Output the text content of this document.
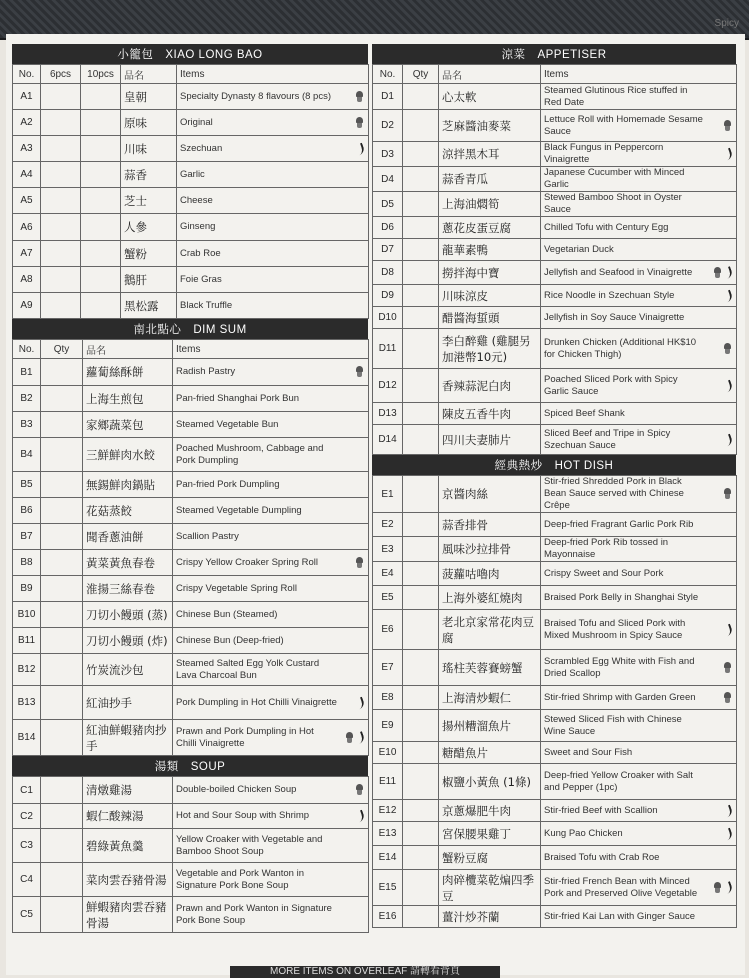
Spicy
小籠包 XIAO LONG BAO
No.	6pcs	10pcs	品名	Items
A1			皇朝	Specialty Dynasty 8 flavours (8 pcs)

A2			原味	Original

A3			川味	Szechuan

A4			蒜香	Garlic
A5			芝士	Cheese
A6			人參	Ginseng
A7			蟹粉	Crab Roe
A8			鵝肝	Foie Gras
A9			黑松露	Black Truffle
南北點心 DIM SUM
No.	Qty	品名	Items
B1		蘿蔔絲酥餅	Radish Pastry

B2		上海生煎包	Pan-fried Shanghai Pork Bun
B3		家鄉蔬菜包	Steamed Vegetable Bun
B4		三鮮鮮肉水餃	Poached Mushroom, Cabbage and Pork Dumpling
B5		無錫鮮肉鍋貼	Pan-fried Pork Dumpling
B6		花菇蒸餃	Steamed Vegetable Dumpling
B7		聞香蔥油餅	Scallion Pastry
B8		黃菜黃魚春卷	Crispy Yellow Croaker Spring Roll

B9		淮揚三絲春卷	Crispy Vegetable Spring Roll
B10		刀切小饅頭 (蒸)	Chinese Bun (Steamed)
B11		刀切小饅頭 (炸)	Chinese Bun (Deep-fried)
B12		竹炭流沙包	Steamed Salted Egg Yolk Custard Lava Charcoal Bun
B13		紅油抄手	Pork Dumpling in Hot Chilli Vinaigrette

B14		紅油鮮蝦豬肉抄手	Prawn and Pork Dumpling in Hot Chilli Vinaigrette
湯類 SOUP
C1		清燉雞湯	Double-boiled Chicken Soup

C2		蝦仁酸辣湯	Hot and Sour Soup with Shrimp

C3		碧綠黃魚羹	Yellow Croaker with Vegetable and Bamboo Shoot Soup
C4		菜肉雲吞豬骨湯	Vegetable and Pork Wanton in Signature Pork Bone Soup
C5		鮮蝦豬肉雲吞豬骨湯	Prawn and Pork Wanton in Signature Pork Bone Soup
涼菜 APPETISER
No.	Qty	品名	Items
D1		心太軟	Steamed Glutinous Rice stuffed in Red Date
D2		芝麻醬油麥菜	Lettuce Roll with Homemade Sesame Sauce

D3		涼拌黑木耳	Black Fungus in Peppercorn Vinaigrette

D4		蒜香青瓜	Japanese Cucumber with Minced Garlic
D5		上海油燜筍	Stewed Bamboo Shoot in Oyster Sauce
D6		蔥花皮蛋豆腐	Chilled Tofu with Century Egg
D7		龍華素鴨	Vegetarian Duck
D8		撈拌海中寶	Jellyfish and Seafood in Vinaigrette

D9		川味涼皮	Rice Noodle in Szechuan Style

D10		醋醬海蜇頭	Jellyfish in Soy Sauce Vinaigrette
D11		李白醉雞 (雞腿另加港幣10元)	Drunken Chicken (Additional HK$10 for Chicken Thigh)

D12		香辣蒜泥白肉	Poached Sliced Pork with Spicy Garlic Sauce

D13		陳皮五香牛肉	Spiced Beef Shank
D14		四川夫妻肺片	Sliced Beef and Tripe in Spicy Szechuan Sauce
經典熱炒 HOT DISH
E1		京醬肉絲	Stir-fried Shredded Pork in Black Bean Sauce served with Chinese Crêpe

E2		蒜香排骨	Deep-fried Fragrant Garlic Pork Rib
E3		風味沙拉排骨	Deep-fried Pork Rib tossed in Mayonnaise
E4		菠蘿咕嚕肉	Crispy Sweet and Sour Pork
E5		上海外婆紅燒肉	Braised Pork Belly in Shanghai Style
E6		老北京家常花肉豆腐	Braised Tofu and Sliced Pork with Mixed Mushroom in Spicy Sauce

E7		瑤柱芙蓉賽螃蟹	Scrambled Egg White with Fish and Dried Scallop

E8		上海清炒蝦仁	Stir-fried Shrimp with Garden Green

E9		揚州糟溜魚片	Stewed Sliced Fish with Chinese Wine Sauce
E10		糖醋魚片	Sweet and Sour Fish
E11		椒鹽小黃魚 (1條)	Deep-fried Yellow Croaker with Salt and Pepper (1pc)
E12		京蔥爆肥牛肉	Stir-fried Beef with Scallion

E13		宮保腰果雞丁	Kung Pao Chicken

E14		蟹粉豆腐	Braised Tofu with Crab Roe
E15		肉碎欖菜乾煸四季豆	Stir-fried French Bean with Minced Pork and Preserved Olive Vegetable

E16		薑汁炒芥蘭	Stir-fried Kai Lan with Ginger Sauce
MORE ITEMS ON OVERLEAF 請轉看背頁
